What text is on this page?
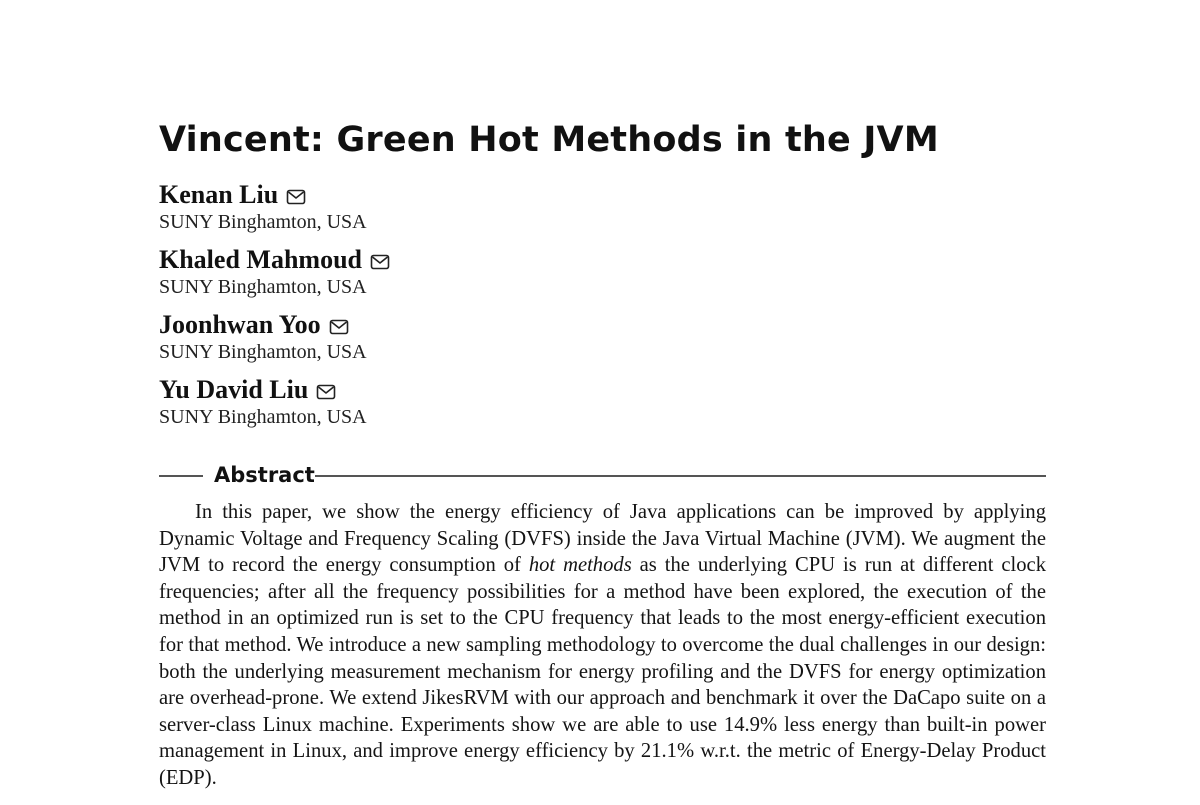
Vincent: Green Hot Methods in the JVM
Kenan Liu
SUNY Binghamton, USA
Khaled Mahmoud
SUNY Binghamton, USA
Joonhwan Yoo
SUNY Binghamton, USA
Yu David Liu
SUNY Binghamton, USA
Abstract

In this paper, we show the energy efficiency of Java applications can be improved by applying Dynamic Voltage and Frequency Scaling (DVFS) inside the Java Virtual Machine (JVM). We augment the JVM to record the energy consumption of hot methods as the underlying CPU is run at different clock frequencies; after all the frequency possibilities for a method have been explored, the execution of the method in an optimized run is set to the CPU frequency that leads to the most energy-efficient execution for that method. We introduce a new sampling methodology to overcome the dual challenges in our design: both the underlying measurement mechanism for energy profiling and the DVFS for energy optimization are overhead-prone. We extend JikesRVM with our approach and benchmark it over the DaCapo suite on a server-class Linux machine. Experiments show we are able to use 14.9% less energy than built-in power management in Linux, and improve energy efficiency by 21.1% w.r.t. the metric of Energy-Delay Product (EDP).
